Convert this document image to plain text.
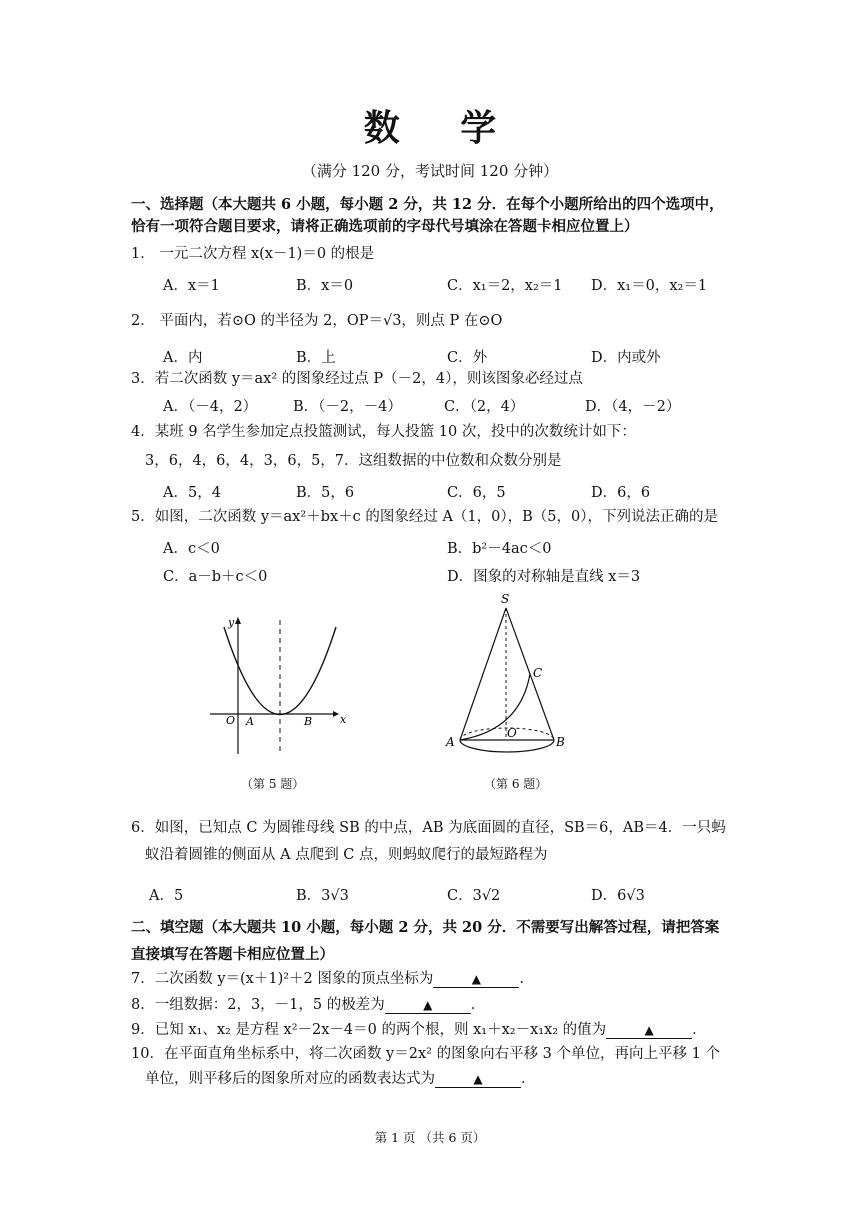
数 学
（满分 120 分，考试时间 120 分钟）
一、选择题（本大题共 6 小题，每小题 2 分，共 12 分．在每个小题所给出的四个选项中，
恰有一项符合题目要求，请将正确选项前的字母代号填涂在答题卡相应位置上）
1． 一元二次方程 x(x－1)＝0 的根是
A．x＝1	B．x＝0	C．x₁＝2，x₂＝1 D．x₁＝0，x₂＝1
2． 平面内，若⊙O 的半径为 2，OP＝√3，则点 P 在⊙O
A．内	B．上	C．外	D．内或外
3．若二次函数 y＝ax² 的图象经过点 P（－2，4），则该图象必经过点
A．（－4，2） B．（－2，－4）	C．（2，4）	D．（4，－2）
4．某班 9 名学生参加定点投篮测试，每人投篮 10 次，投中的次数统计如下：
3，6，4，6，4，3，6，5，7．这组数据的中位数和众数分别是
A．5，4	B．5，6	C．6，5	D．6，6
5．如图，二次函数 y＝ax²＋bx＋c 的图象经过 A（1，0），B（5，0），下列说法正确的是
A．c＜0	B．b²－4ac＜0
C．a－b＋c＜0	D．图象的对称轴是直线 x＝3
y
x
O A	B
（第 5 题）
S
C
A
O
B
（第 6 题）
6．如图，已知点 C 为圆锥母线 SB 的中点，AB 为底面圆的直径，SB＝6，AB＝4．一只蚂
蚁沿着圆锥的侧面从 A 点爬到 C 点，则蚂蚁爬行的最短路程为
A．5	B．3√3	C．3√2	D．6√3
二、填空题（本大题共 10 小题，每小题 2 分，共 20 分．不需要写出解答过程，请把答案
直接填写在答题卡相应位置上）
7．二次函数 y＝(x＋1)²＋2 图象的顶点坐标为	▲	．
8．一组数据：2，3，－1，5 的极差为	▲	．
9．已知 x₁、x₂ 是方程 x²－2x－4＝0 的两个根，则 x₁＋x₂－x₁x₂ 的值为	▲	．
10．在平面直角坐标系中，将二次函数 y＝2x² 的图象向右平移 3 个单位，再向上平移 1 个
单位，则平移后的图象所对应的函数表达式为	▲	．
第 1 页 （共 6 页）
